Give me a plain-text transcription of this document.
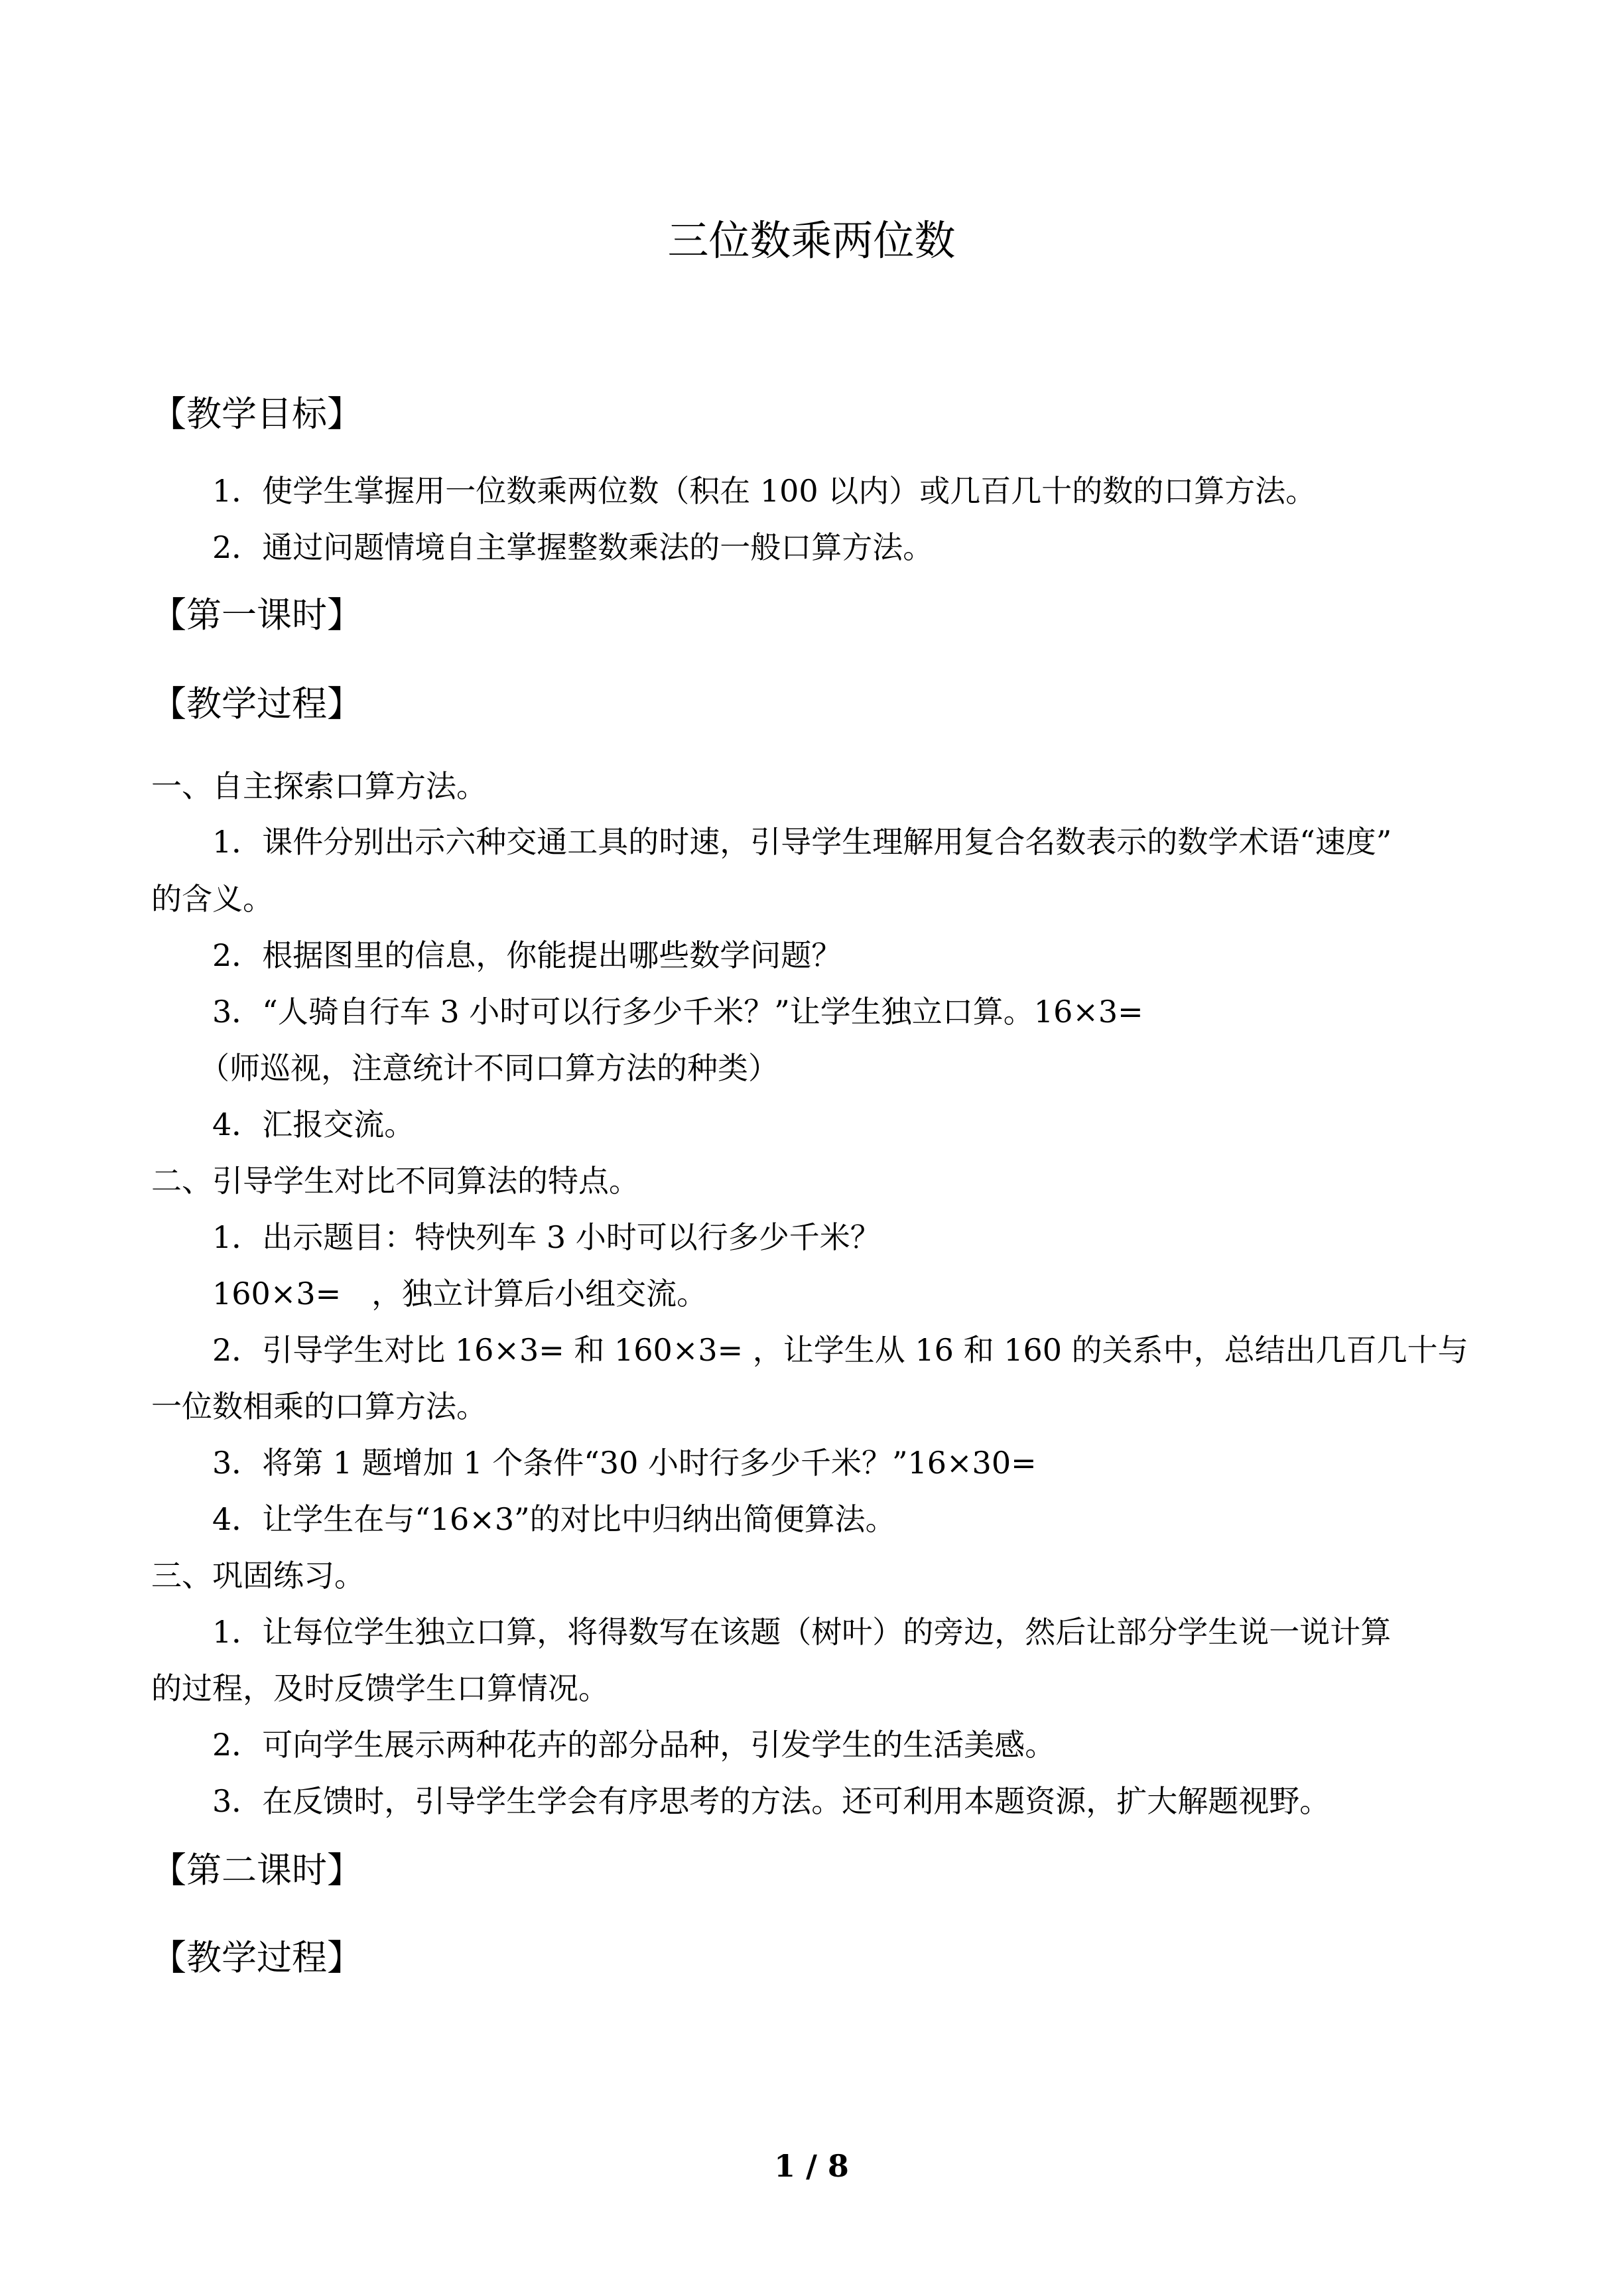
三位数乘两位数
【教学目标】

1．使学生掌握用一位数乘两位数（积在 100 以内）或几百几十的数的口算方法。

2．通过问题情境自主掌握整数乘法的一般口算方法。

【第一课时】
【教学过程】

一、自主探索口算方法。

1．课件分别出示六种交通工具的时速，引导学生理解用复合名数表示的数学术语“速度”

的含义。

2．根据图里的信息，你能提出哪些数学问题？

3．“人骑自行车 3 小时可以行多少千米？”让学生独立口算。16×3=

（师巡视，注意统计不同口算方法的种类）

4．汇报交流。

二、引导学生对比不同算法的特点。

1．出示题目：特快列车 3 小时可以行多少千米？

160×3=　，独立计算后小组交流。

2．引导学生对比 16×3= 和 160×3= ，让学生从 16 和 160 的关系中，总结出几百几十与

一位数相乘的口算方法。

3．将第 1 题增加 1 个条件“30 小时行多少千米？”16×30=

4．让学生在与“16×3”的对比中归纳出简便算法。

三、巩固练习。

1．让每位学生独立口算，将得数写在该题（树叶）的旁边，然后让部分学生说一说计算

的过程，及时反馈学生口算情况。

2．可向学生展示两种花卉的部分品种，引发学生的生活美感。

3．在反馈时，引导学生学会有序思考的方法。还可利用本题资源，扩大解题视野。

【第二课时】
【教学过程】

1 / 8
